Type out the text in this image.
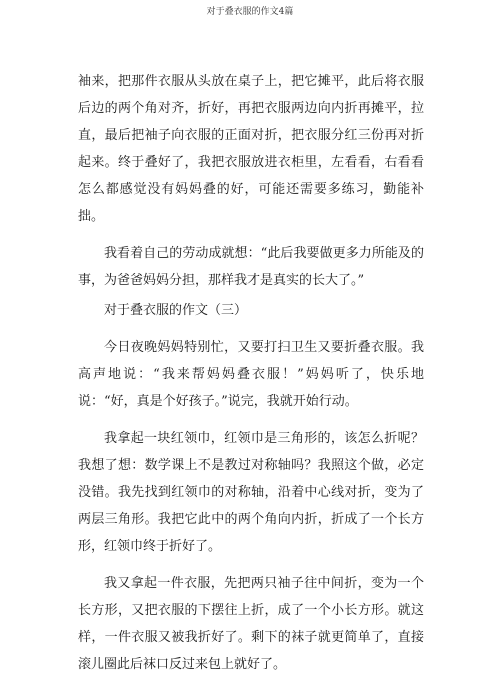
对于叠衣服的作文4篇

袖来，把那件衣服从头放在桌子上，把它摊平，此后将衣服后边的两个角对齐，折好，再把衣服两边向内折再摊平，拉直，最后把袖子向衣服的正面对折，把衣服分红三份再对折起来。终于叠好了，我把衣服放进衣柜里，左看看，右看看怎么都感觉没有妈妈叠的好，可能还需要多练习，勤能补拙。

我看着自己的劳动成就想：“此后我要做更多力所能及的事，为爸爸妈妈分担，那样我才是真实的长大了。”

对于叠衣服的作文（三）

今日夜晚妈妈特别忙，又要打扫卫生又要折叠衣服。我高声地说：“我来帮妈妈叠衣服！”妈妈听了，快乐地说：“好，真是个好孩子。”说完，我就开始行动。

我拿起一块红领巾，红领巾是三角形的，该怎么折呢？我想了想：数学课上不是教过对称轴吗？我照这个做，必定没错。我先找到红领巾的对称轴，沿着中心线对折，变为了两层三角形。我把它此中的两个角向内折，折成了一个长方形，红领巾终于折好了。

我又拿起一件衣服，先把两只袖子往中间折，变为一个长方形，又把衣服的下摆往上折，成了一个小长方形。就这样，一件衣服又被我折好了。剩下的袜子就更简单了，直接滚儿圈此后袜口反过来包上就好了。
